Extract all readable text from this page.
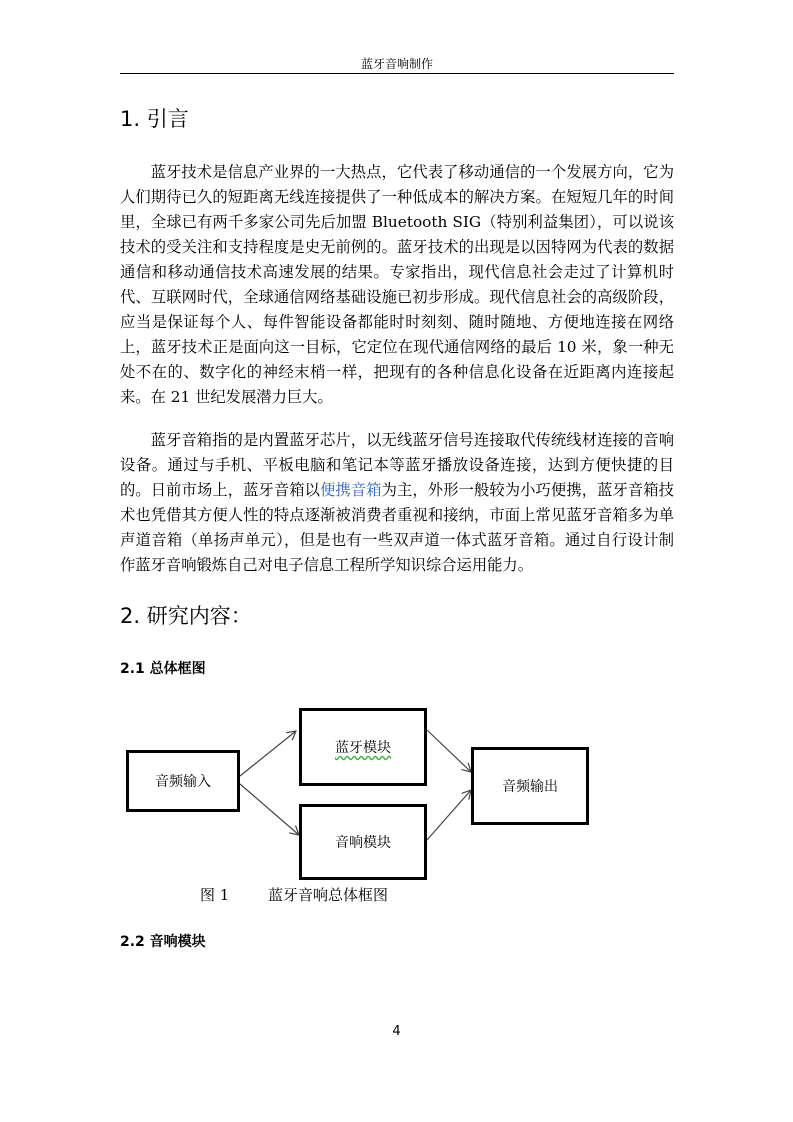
蓝牙音响制作
1. 引言

蓝牙技术是信息产业界的一大热点，它代表了移动通信的一个发展方向，它为人们期待已久的短距离无线连接提供了一种低成本的解决方案。在短短几年的时间里，全球已有两千多家公司先后加盟 Bluetooth SIG（特别利益集团），可以说该技术的受关注和支持程度是史无前例的。蓝牙技术的出现是以因特网为代表的数据通信和移动通信技术高速发展的结果。专家指出，现代信息社会走过了计算机时代、互联网时代，全球通信网络基础设施已初步形成。现代信息社会的高级阶段，应当是保证每个人、每件智能设备都能时时刻刻、随时随地、方便地连接在网络上，蓝牙技术正是面向这一目标，它定位在现代通信网络的最后 10 米，象一种无处不在的、数字化的神经末梢一样，把现有的各种信息化设备在近距离内连接起来。在 21 世纪发展潜力巨大。

蓝牙音箱指的是内置蓝牙芯片，以无线蓝牙信号连接取代传统线材连接的音响设备。通过与手机、平板电脑和笔记本等蓝牙播放设备连接，达到方便快捷的目的。日前市场上，蓝牙音箱以便携音箱为主，外形一般较为小巧便携，蓝牙音箱技术也凭借其方便人性的特点逐渐被消费者重视和接纳，市面上常见蓝牙音箱多为单声道音箱（单扬声单元），但是也有一些双声道一体式蓝牙音箱。通过自行设计制作蓝牙音响锻炼自己对电子信息工程所学知识综合运用能力。

2. 研究内容：
2.1 总体框图
音频输入
蓝牙模块
音响模块
音频输出
图 1	蓝牙音响总体框图
2.2 音响模块
4
